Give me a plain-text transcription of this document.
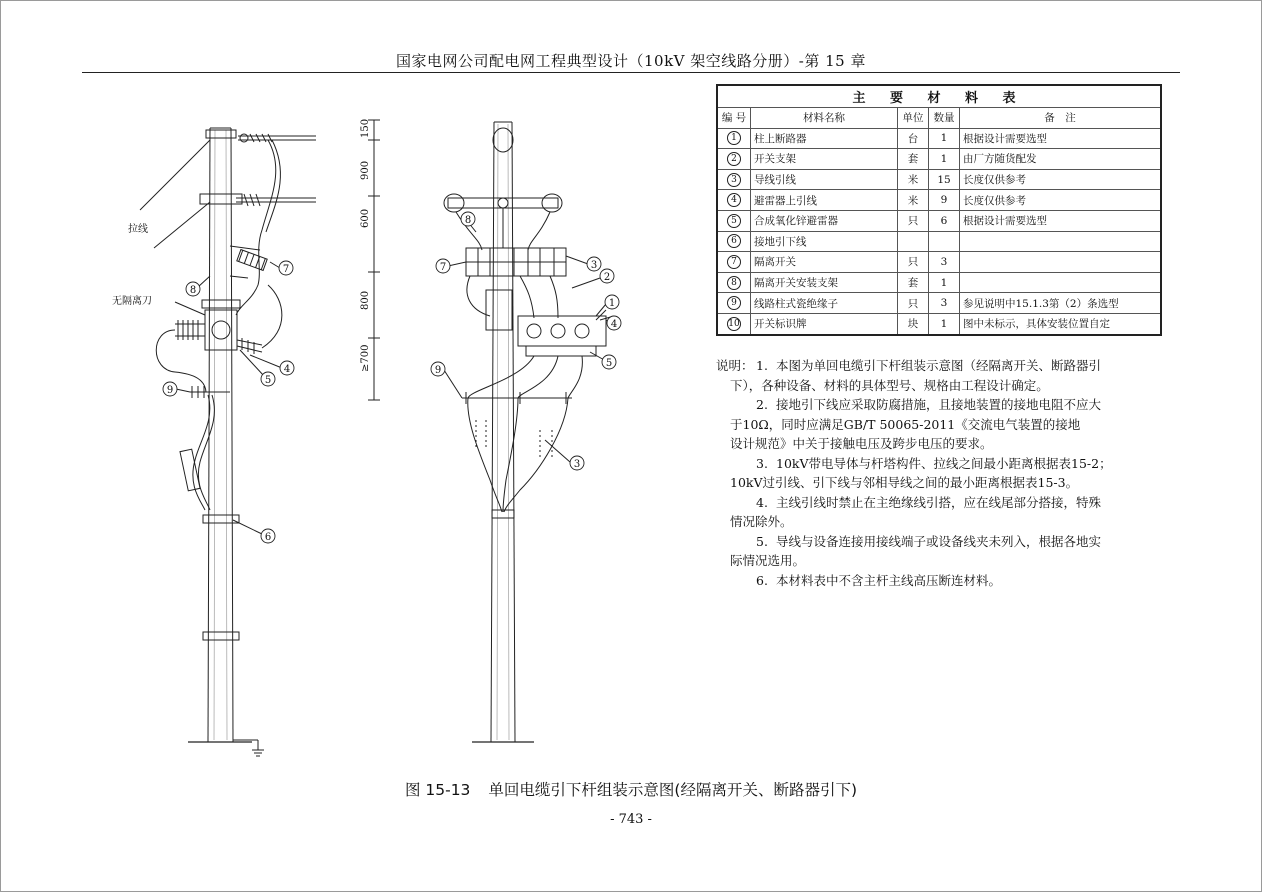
国家电网公司配电网工程典型设计（10kV 架空线路分册）-第 15 章
拉线
无隔离刀
150
900
600
800
≥700
7
8
4
5
9
6
8
7	3
2
1
4
5
9
3
主 要 材 料 表				
编 号	材料名称	单位	数量	备　注
1	柱上断路器	台	1	根据设计需要选型
2	开关支架	套	1	由厂方随货配发
3	导线引线	米	15	长度仅供参考
4	避雷器上引线	米	9	长度仅供参考
5	合成氧化锌避雷器	只	6	根据设计需要选型
6	接地引下线			
7	隔离开关	只	3	
8	隔离开关安装支架	套	1	
9	线路柱式瓷绝缘子	只	3	参见说明中15.1.3第（2）条选型
10	开关标识牌	块	1	图中未标示，具体安装位置自定
说明： 1. 本图为单回电缆引下杆组装示意图（经隔离开关、断路器引
下），各种设备、材料的具体型号、规格由工程设计确定。
2. 接地引下线应采取防腐措施，且接地装置的接地电阻不应大
于10Ω，同时应满足GB/T 50065-2011《交流电气装置的接地
设计规范》中关于接触电压及跨步电压的要求。
3. 10kV带电导体与杆塔构件、拉线之间最小距离根据表15-2；
10kV过引线、引下线与邻相导线之间的最小距离根据表15-3。
4. 主线引线时禁止在主绝缘线引搭，应在线尾部分搭接，特殊
情况除外。
5. 导线与设备连接用接线端子或设备线夹未列入，根据各地实
际情况选用。
6. 本材料表中不含主杆主线高压断连材料。
图 15-13 单回电缆引下杆组装示意图(经隔离开关、断路器引下)
- 743 -
